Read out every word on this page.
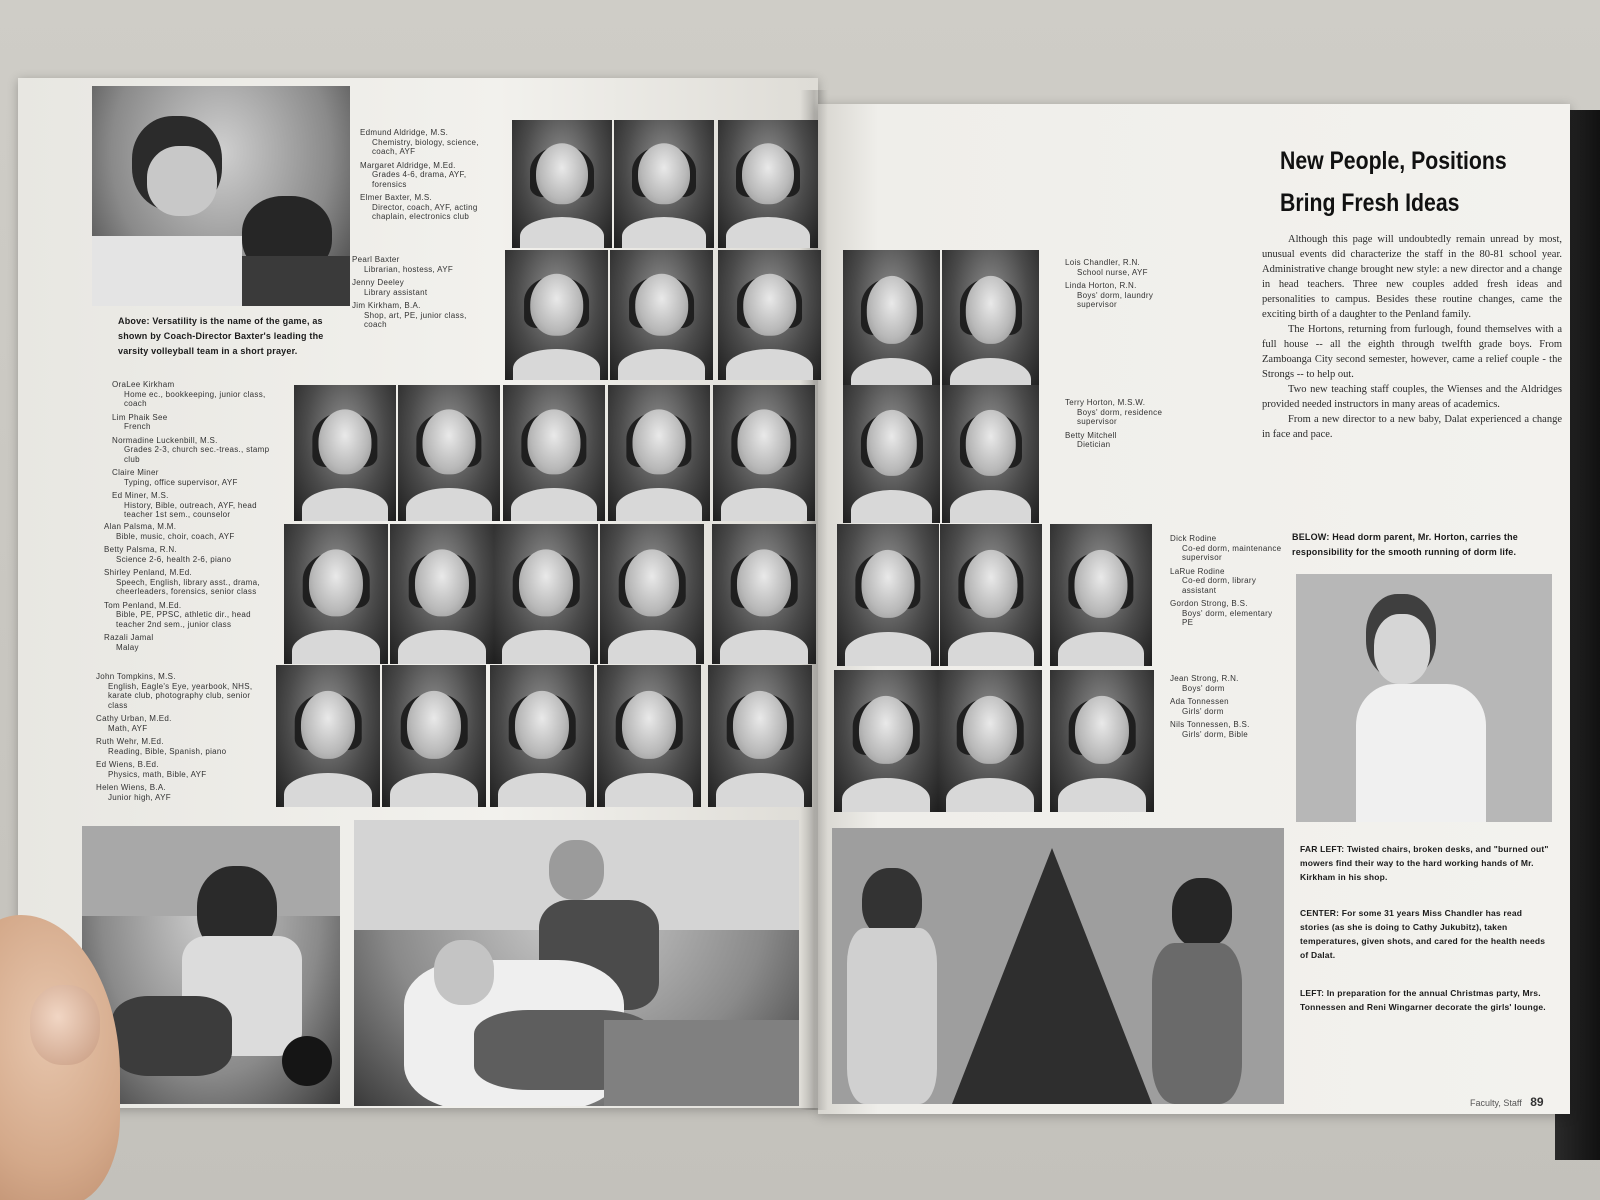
Above: Versatility is the name of the game, as shown by Coach-Director Baxter's leading the varsity volleyball team in a short prayer.
Edmund Aldridge, M.S.
Chemistry, biology, science, coach, AYF
Margaret Aldridge, M.Ed.
Grades 4-6, drama, AYF, forensics
Elmer Baxter, M.S.
Director, coach, AYF, acting chaplain, electronics club
Pearl Baxter
Librarian, hostess, AYF
Jenny Deeley
Library assistant
Jim Kirkham, B.A.
Shop, art, PE, junior class, coach
OraLee Kirkham
Home ec., bookkeeping, junior class, coach
Lim Phaik See
French
Normadine Luckenbill, M.S.
Grades 2-3, church sec.-treas., stamp club
Claire Miner
Typing, office supervisor, AYF
Ed Miner, M.S.
History, Bible, outreach, AYF, head teacher 1st sem., counselor
Alan Palsma, M.M.
Bible, music, choir, coach, AYF
Betty Palsma, R.N.
Science 2-6, health 2-6, piano
Shirley Penland, M.Ed.
Speech, English, library asst., drama, cheerleaders, forensics, senior class
Tom Penland, M.Ed.
Bible, PE, PPSC, athletic dir., head teacher 2nd sem., junior class
Razali Jamal
Malay
John Tompkins, M.S.
English, Eagle's Eye, yearbook, NHS, karate club, photography club, senior class
Cathy Urban, M.Ed.
Math, AYF
Ruth Wehr, M.Ed.
Reading, Bible, Spanish, piano
Ed Wiens, B.Ed.
Physics, math, Bible, AYF
Helen Wiens, B.A.
Junior high, AYF
New People, Positions
Bring Fresh Ideas

Although this page will undoubtedly remain unread by most, unusual events did characterize the staff in the 80-81 school year. Administrative change brought new style: a new director and a change in head teachers. Three new couples added fresh ideas and personalities to campus. Besides these routine changes, came the exciting birth of a daughter to the Penland family.

The Hortons, returning from furlough, found themselves with a full house -- all the eighth through twelfth grade boys. From Zamboanga City second semester, however, came a relief couple - the Strongs -- to help out.

Two new teaching staff couples, the Wienses and the Aldridges provided needed instructors in many areas of academics.

From a new director to a new baby, Dalat experienced a change in face and pace.

BELOW: Head dorm parent, Mr. Horton, carries the responsibility for the smooth running of dorm life.
Lois Chandler, R.N.
School nurse, AYF
Linda Horton, R.N.
Boys' dorm, laundry supervisor
Terry Horton, M.S.W.
Boys' dorm, residence supervisor
Betty Mitchell
Dietician
Dick Rodine
Co-ed dorm, maintenance supervisor
LaRue Rodine
Co-ed dorm, library assistant
Gordon Strong, B.S.
Boys' dorm, elementary PE
Jean Strong, R.N.
Boys' dorm
Ada Tonnessen
Girls' dorm
Nils Tonnessen, B.S.
Girls' dorm, Bible
FAR LEFT: Twisted chairs, broken desks, and "burned out" mowers find their way to the hard working hands of Mr. Kirkham in his shop.
CENTER: For some 31 years Miss Chandler has read stories (as she is doing to Cathy Jukubitz), taken temperatures, given shots, and cared for the health needs of Dalat.
LEFT: In preparation for the annual Christmas party, Mrs. Tonnessen and Reni Wingarner decorate the girls' lounge.
Faculty, Staff 89
